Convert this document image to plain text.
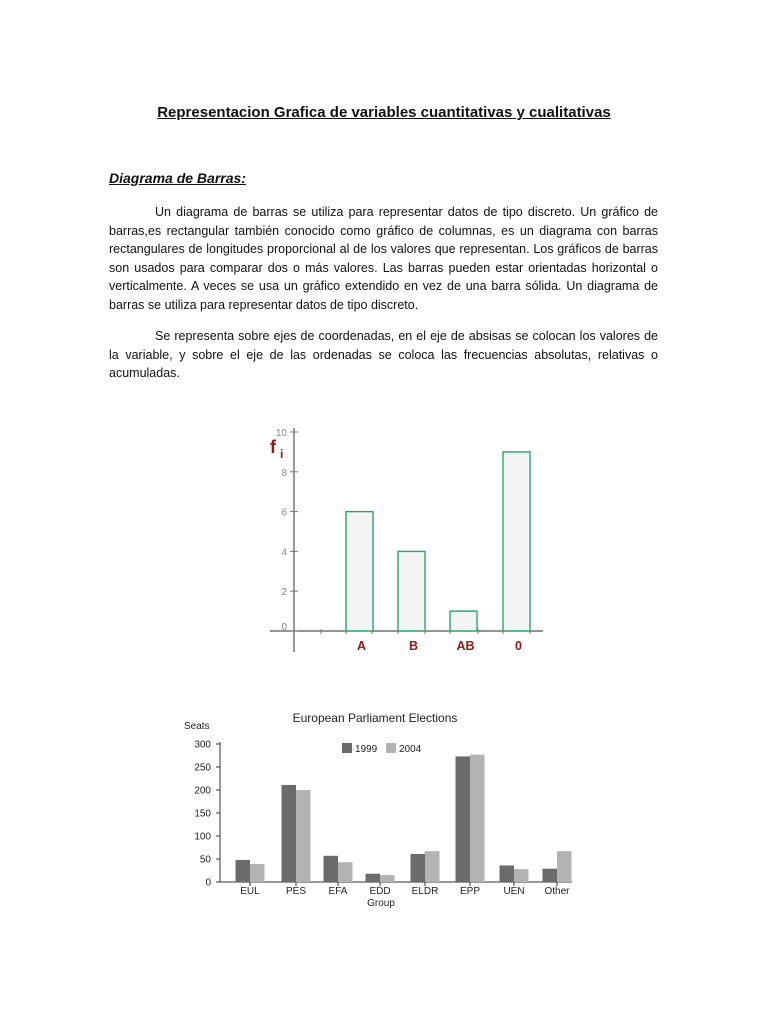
Representacion Grafica de variables cuantitativas y cualitativas
Diagrama de Barras:
Un diagrama de barras se utiliza para representar datos de tipo discreto. Un gráfico de barras,es rectangular también conocido como gráfico de columnas, es un diagrama con barras rectangulares de longitudes proporcional al de los valores que representan. Los gráficos de barras son usados para comparar dos o más valores. Las barras pueden estar orientadas horizontal o verticalmente. A veces se usa un gráfico extendido en vez de una barra sólida. Un diagrama de barras se utiliza para representar datos de tipo discreto.
Se representa sobre ejes de coordenadas, en el eje de absisas se colocan los valores de la variable, y sobre el eje de las ordenadas se coloca las frecuencias absolutas, relativas o acumuladas.
0
2
4
6
8
10
A	B	AB	0
f i
European Parliament Elections
Seats
Group
0
50
100
150
200
250
300
EUL	PES EFA EDD ELDR EPP UEN Other
1999 2004
